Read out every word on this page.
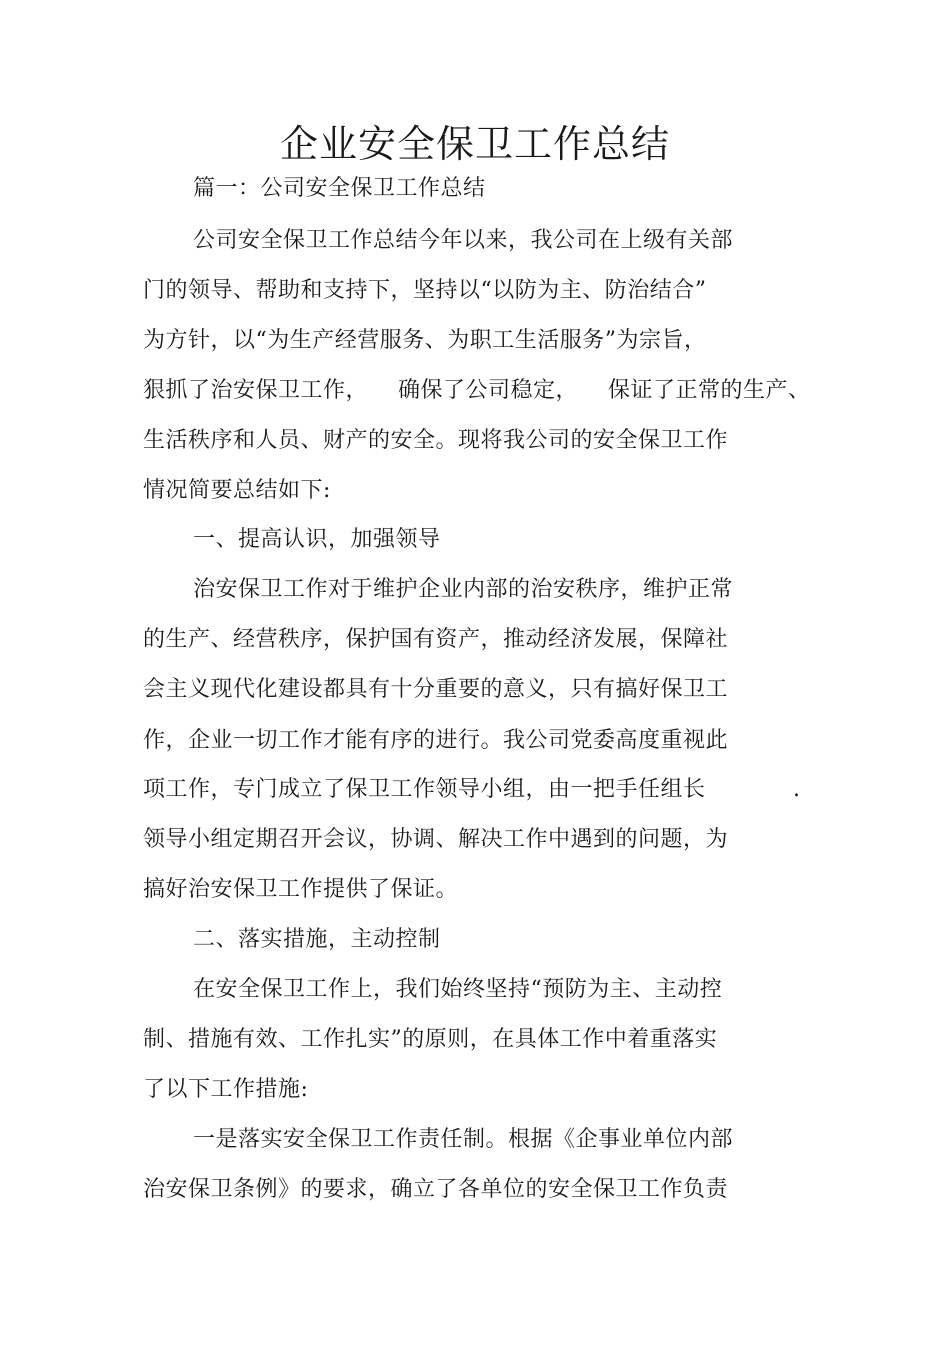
企业安全保卫工作总结
篇一：公司安全保卫工作总结
公司安全保卫工作总结今年以来，我公司在上级有关部
门的领导、帮助和支持下，坚持以“以防为主、防治结合”
为方针，以“为生产经营服务、为职工生活服务”为宗旨，
狠抓了治安保卫工作，    确保了公司稳定，    保证了正常的生产、
生活秩序和人员、财产的安全。现将我公司的安全保卫工作
情况简要总结如下:
一、提高认识，加强领导
治安保卫工作对于维护企业内部的治安秩序，维护正常
的生产、经营秩序，保护国有资产，推动经济发展，保障社
会主义现代化建设都具有十分重要的意义，只有搞好保卫工
作，企业一切工作才能有序的进行。我公司党委高度重视此
项工作，专门成立了保卫工作领导小组，由一把手任组长	.
领导小组定期召开会议，协调、解决工作中遇到的问题，为
搞好治安保卫工作提供了保证。
二、落实措施，主动控制
在安全保卫工作上，我们始终坚持“预防为主、主动控
制、措施有效、工作扎实”的原则，在具体工作中着重落实
了以下工作措施:
一是落实安全保卫工作责任制。根据《企事业单位内部
治安保卫条例》的要求，确立了各单位的安全保卫工作负责
